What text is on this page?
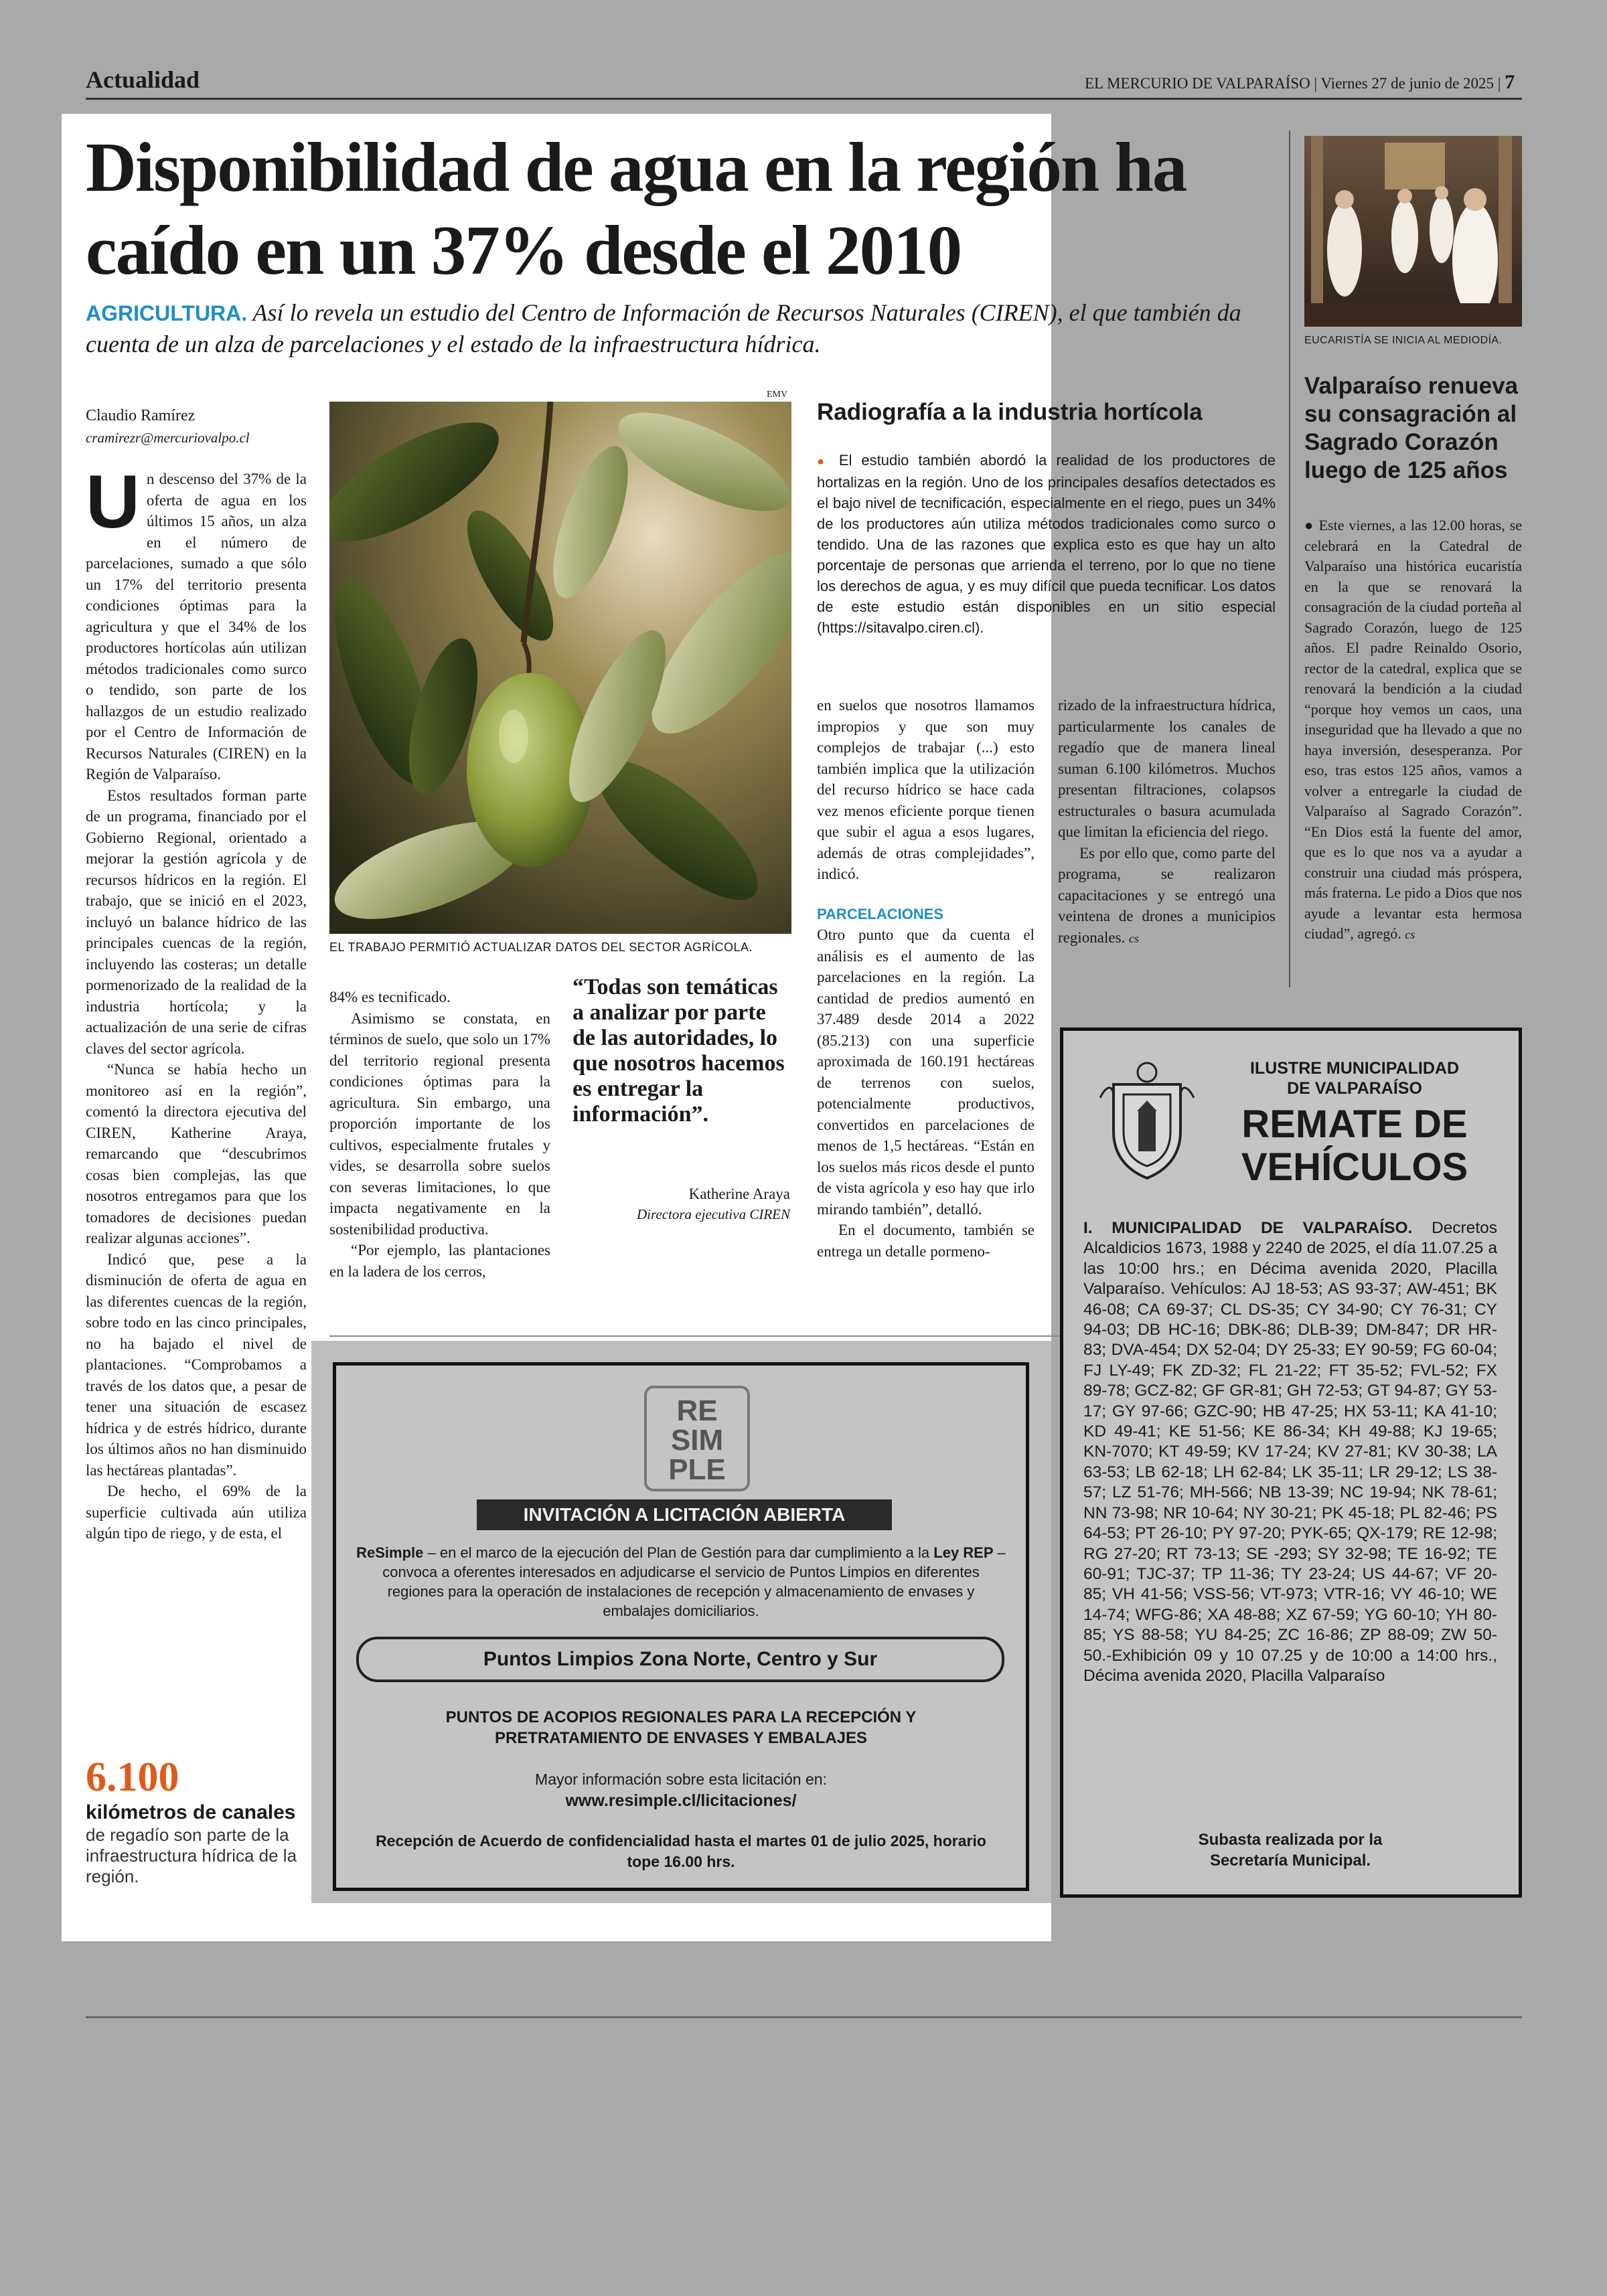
Actualidad	EL MERCURIO DE VALPARAÍSO | Viernes 27 de junio de 2025 | 7
Disponibilidad de agua en la región ha caído en un 37% desde el 2010
AGRICULTURA. Así lo revela un estudio del Centro de Información de Recursos Naturales (CIREN), el que también da cuenta de un alza de parcelaciones y el estado de la infraestructura hídrica.
Claudio Ramírez
cramirezr@mercuriovalpo.cl

U n descenso del 37% de la oferta de agua en los últimos 15 años, un alza en el número de parcelaciones, sumado a que sólo un 17% del territorio presenta condiciones óptimas para la agricultura y que el 34% de los productores hortícolas aún utilizan métodos tradicionales como surco o tendido, son parte de los hallazgos de un estudio realizado por el Centro de Información de Recursos Naturales (CIREN) en la Región de Valparaíso.

Estos resultados forman parte de un programa, financiado por el Gobierno Regional, orientado a mejorar la gestión agrícola y de recursos hídricos en la región. El trabajo, que se inició en el 2023, incluyó un balance hídrico de las principales cuencas de la región, incluyendo las costeras; un detalle pormenorizado de la realidad de la industria hortícola; y la actualización de una serie de cifras claves del sector agrícola.

“Nunca se había hecho un monitoreo así en la región”, comentó la directora ejecutiva del CIREN, Katherine Araya, remarcando que “descubrimos cosas bien complejas, las que nosotros entregamos para que los tomadores de decisiones puedan realizar algunas acciones”.

Indicó que, pese a la disminución de oferta de agua en las diferentes cuencas de la región, sobre todo en las cinco principales, no ha bajado el nivel de plantaciones. “Comprobamos a través de los datos que, a pesar de tener una situación de escasez hídrica y de estrés hídrico, durante los últimos años no han disminuido las hectáreas plantadas”.

De hecho, el 69% de la superficie cultivada aún utiliza algún tipo de riego, y de esta, el

6.100
kilómetros de canales
de regadío son parte de la infraestructura hídrica de la región.
EMV
EL TRABAJO PERMITIÓ ACTUALIZAR DATOS DEL SECTOR AGRÍCOLA.

84% es tecnificado.

Asimismo se constata, en términos de suelo, que solo un 17% del territorio regional presenta condiciones óptimas para la agricultura. Sin embargo, una proporción importante de los cultivos, especialmente frutales y vides, se desarrolla sobre suelos con severas limitaciones, lo que impacta negativamente en la sostenibilidad productiva.

“Por ejemplo, las plantaciones en la ladera de los cerros,

“Todas son temáticas a analizar por parte de las autoridades, lo que nosotros hacemos es entregar la información”.
Katherine Araya
Directora ejecutiva CIREN
Radiografía a la industria hortícola

● El estudio también abordó la realidad de los productores de hortalizas en la región. Uno de los principales desafíos detectados es el bajo nivel de tecnificación, especialmente en el riego, pues un 34% de los productores aún utiliza métodos tradicionales como surco o tendido. Una de las razones que explica esto es que hay un alto porcentaje de personas que arrienda el terreno, por lo que no tiene los derechos de agua, y es muy difícil que pueda tecnificar. Los datos de este estudio están disponibles en un sitio especial (https://sitavalpo.ciren.cl).

en suelos que nosotros llamamos impropios y que son muy complejos de trabajar (...) esto también implica que la utilización del recurso hídrico se hace cada vez menos eficiente porque tienen que subir el agua a esos lugares, además de otras complejidades”, indicó.

PARCELACIONES

Otro punto que da cuenta el análisis es el aumento de las parcelaciones en la región. La cantidad de predios aumentó en 37.489 desde 2014 a 2022 (85.213) con una superficie aproximada de 160.191 hectáreas de terrenos con suelos, potencialmente productivos, convertidos en parcelaciones de menos de 1,5 hectáreas. “Están en los suelos más ricos desde el punto de vista agrícola y eso hay que irlo mirando también”, detalló.

En el documento, también se entrega un detalle pormeno-

rizado de la infraestructura hídrica, particularmente los canales de regadío que de manera lineal suman 6.100 kilómetros. Muchos presentan filtraciones, colapsos estructurales o basura acumulada que limitan la eficiencia del riego.

Es por ello que, como parte del programa, se realizaron capacitaciones y se entregó una veintena de drones a municipios regionales. cs

EUCARISTÍA SE INICIA AL MEDIODÍA.
Valparaíso renueva su consagración al Sagrado Corazón luego de 125 años

● Este viernes, a las 12.00 horas, se celebrará en la Catedral de Valparaíso una histórica eucaristía en la que se renovará la consagración de la ciudad porteña al Sagrado Corazón, luego de 125 años. El padre Reinaldo Osorio, rector de la catedral, explica que se renovará la bendición a la ciudad “porque hoy vemos un caos, una inseguridad que ha llevado a que no haya inversión, desesperanza. Por eso, tras estos 125 años, vamos a volver a entregarle la ciudad de Valparaíso al Sagrado Corazón”. “En Dios está la fuente del amor, que es lo que nos va a ayudar a construir una ciudad más próspera, más fraterna. Le pido a Dios que nos ayude a levantar esta hermosa ciudad”, agregó. cs

RE
SIM
PLE
INVITACIÓN A LICITACIÓN ABIERTA
ReSimple – en el marco de la ejecución del Plan de Gestión para dar cumplimiento a la Ley REP – convoca a oferentes interesados en adjudicarse el servicio de Puntos Limpios en diferentes regiones para la operación de instalaciones de recepción y almacenamiento de envases y embalajes domiciliarios.
Puntos Limpios Zona Norte, Centro y Sur
PUNTOS DE ACOPIOS REGIONALES PARA LA RECEPCIÓN Y PRETRATAMIENTO DE ENVASES Y EMBALAJES
Mayor información sobre esta licitación en:
www.resimple.cl/licitaciones/
Recepción de Acuerdo de confidencialidad hasta el martes 01 de julio 2025, horario tope 16.00 hrs.
ILUSTRE MUNICIPALIDAD
DE VALPARAÍSO
REMATE DE
VEHÍCULOS
I. MUNICIPALIDAD DE VALPARAÍSO. Decretos Alcaldicios 1673, 1988 y 2240 de 2025, el día 11.07.25 a las 10:00 hrs.; en Décima avenida 2020, Placilla Valparaíso. Vehículos: AJ 18-53; AS 93-37; AW-451; BK 46-08; CA 69-37; CL DS-35; CY 34-90; CY 76-31; CY 94-03; DB HC-16; DBK-86; DLB-39; DM-847; DR HR-83; DVA-454; DX 52-04; DY 25-33; EY 90-59; FG 60-04; FJ LY-49; FK ZD-32; FL 21-22; FT 35-52; FVL-52; FX 89-78; GCZ-82; GF GR-81; GH 72-53; GT 94-87; GY 53-17; GY 97-66; GZC-90; HB 47-25; HX 53-11; KA 41-10; KD 49-41; KE 51-56; KE 86-34; KH 49-88; KJ 19-65; KN-7070; KT 49-59; KV 17-24; KV 27-81; KV 30-38; LA 63-53; LB 62-18; LH 62-84; LK 35-11; LR 29-12; LS 38-57; LZ 51-76; MH-566; NB 13-39; NC 19-94; NK 78-61; NN 73-98; NR 10-64; NY 30-21; PK 45-18; PL 82-46; PS 64-53; PT 26-10; PY 97-20; PYK-65; QX-179; RE 12-98; RG 27-20; RT 73-13; SE -293; SY 32-98; TE 16-92; TE 60-91; TJC-37; TP 11-36; TY 23-24; US 44-67; VF 20-85; VH 41-56; VSS-56; VT-973; VTR-16; VY 46-10; WE 14-74; WFG-86; XA 48-88; XZ 67-59; YG 60-10; YH 80-85; YS 88-58; YU 84-25; ZC 16-86; ZP 88-09; ZW 50-50.-Exhibición 09 y 10 07.25 y de 10:00 a 14:00 hrs., Décima avenida 2020, Placilla Valparaíso
Subasta realizada por la
Secretaría Municipal.
